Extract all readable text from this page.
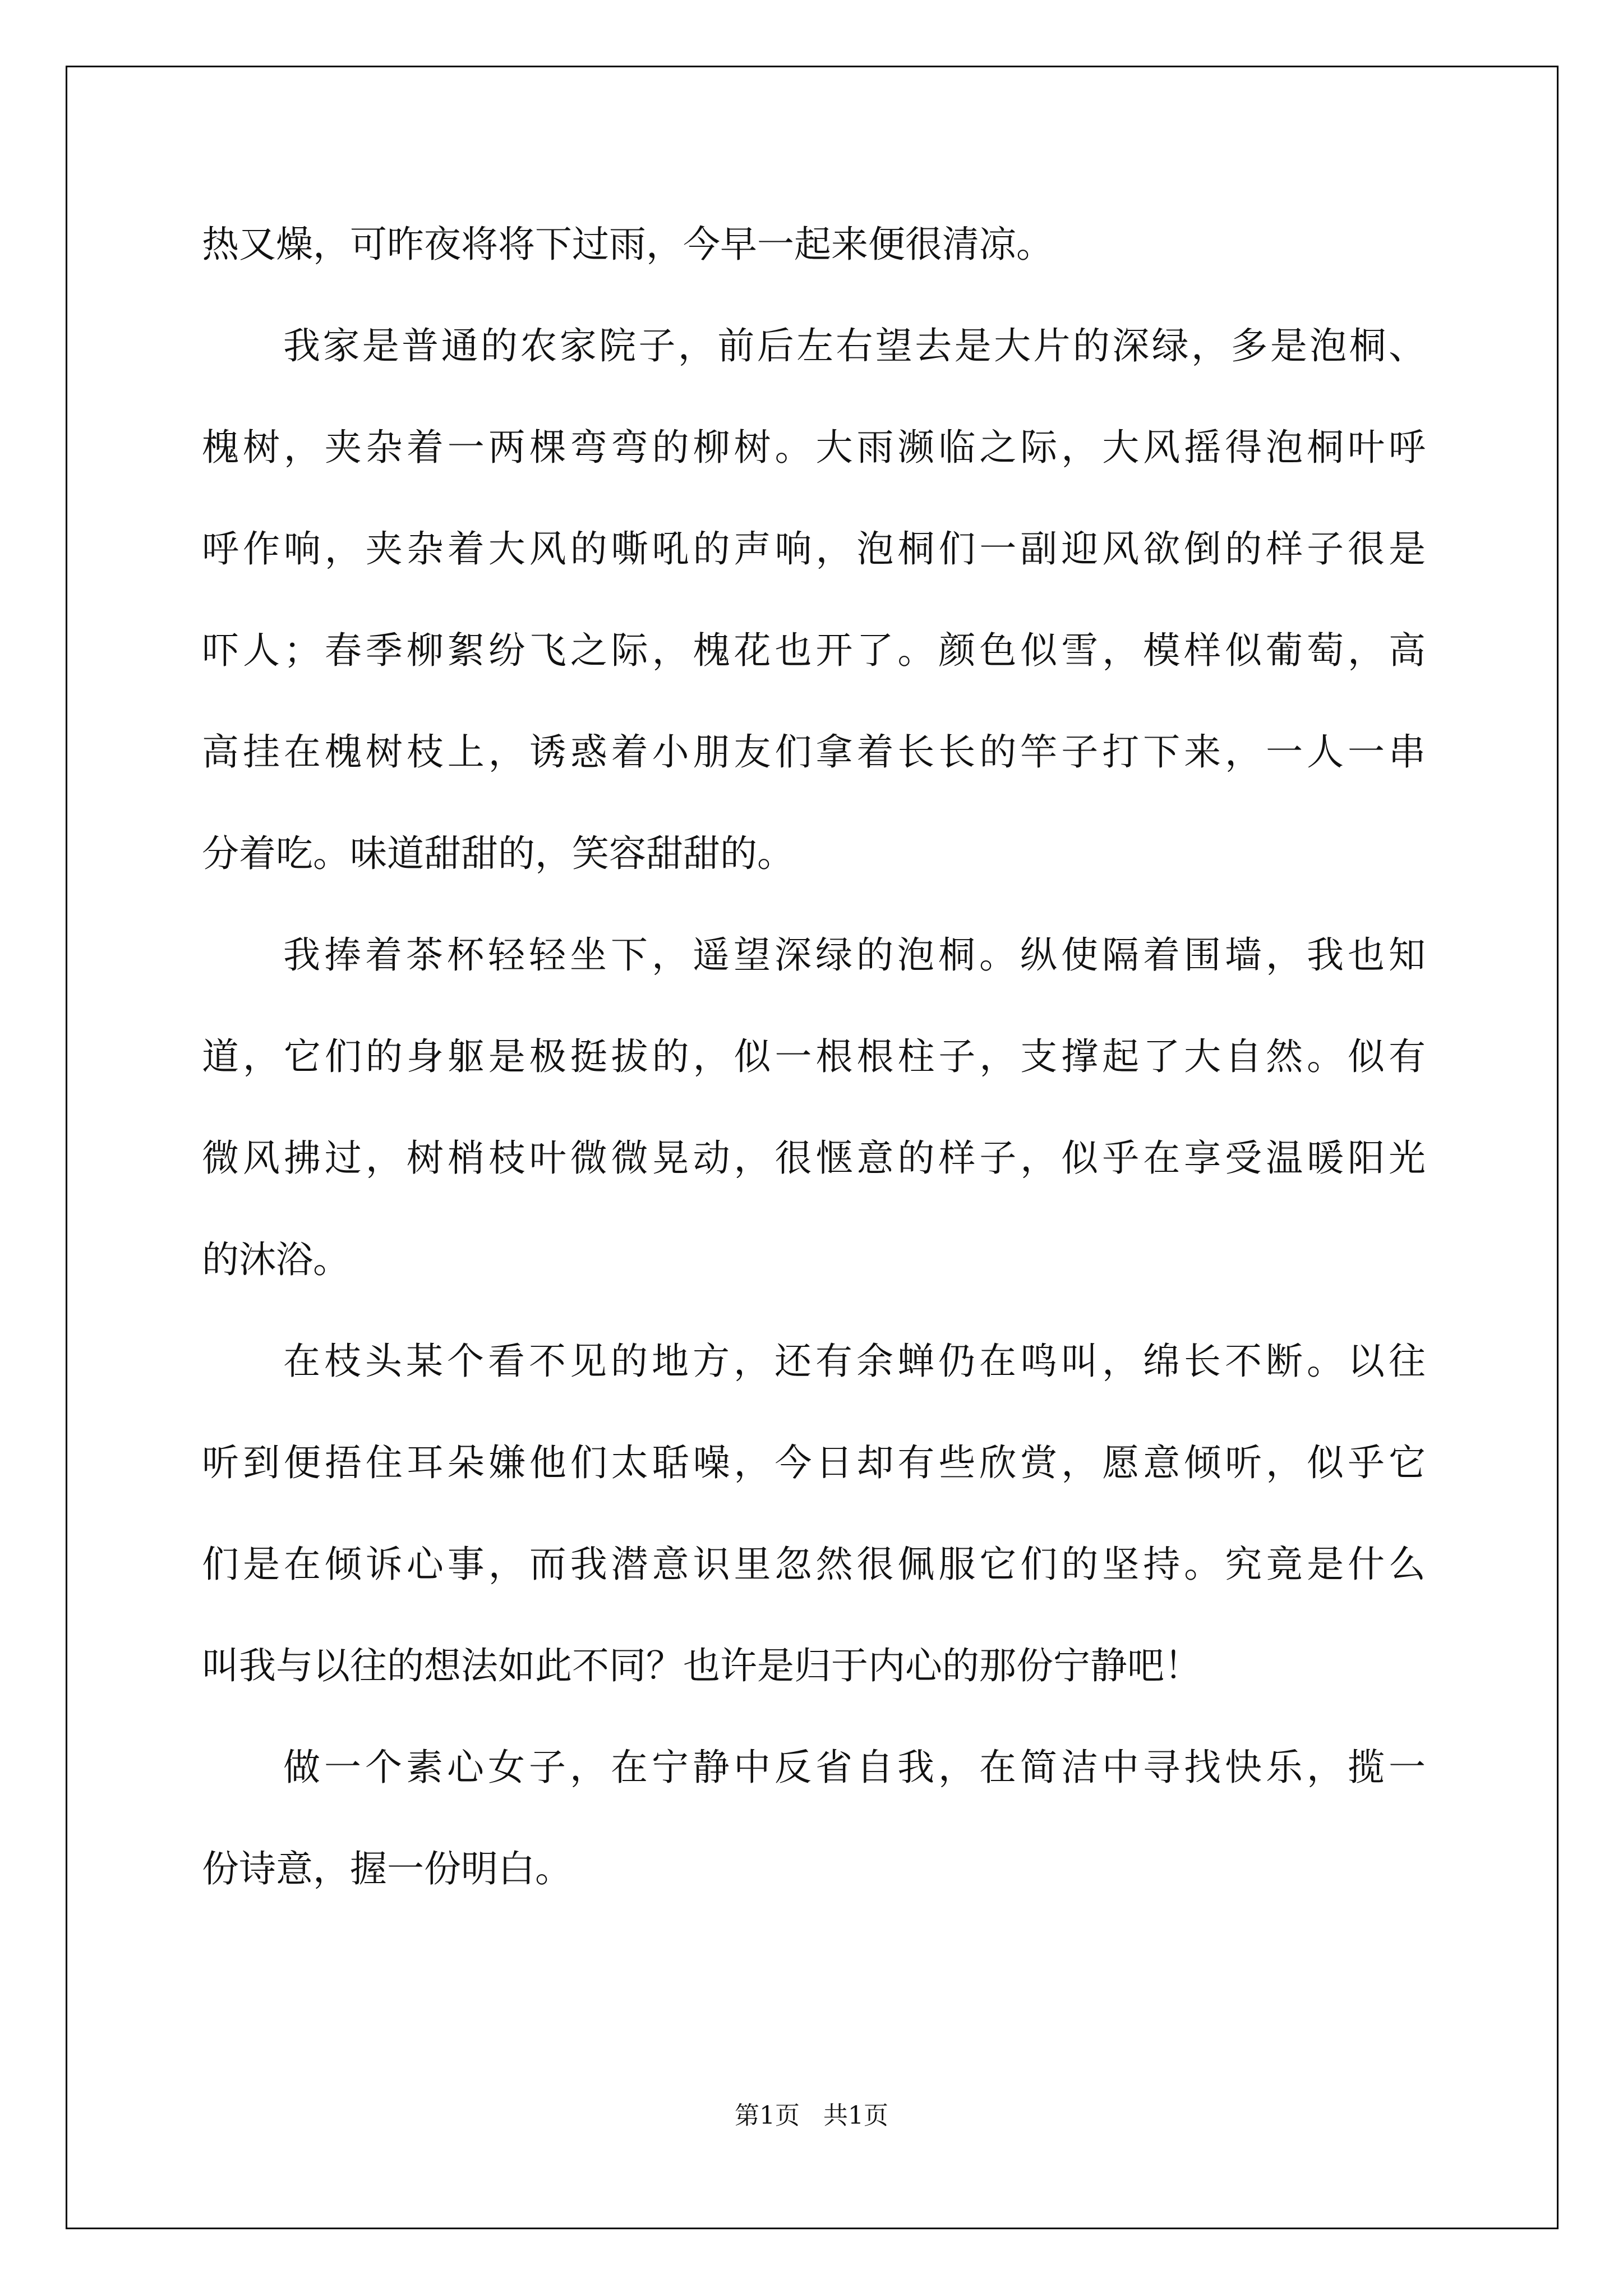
热又燥，可昨夜将将下过雨，今早一起来便很清凉。
我家是普通的农家院子，前后左右望去是大片的深绿，多是泡桐、
槐树，夹杂着一两棵弯弯的柳树。大雨濒临之际，大风摇得泡桐叶呼
呼作响，夹杂着大风的嘶吼的声响，泡桐们一副迎风欲倒的样子很是
吓人；春季柳絮纷飞之际，槐花也开了。颜色似雪，模样似葡萄，高
高挂在槐树枝上，诱惑着小朋友们拿着长长的竿子打下来，一人一串
分着吃。味道甜甜的，笑容甜甜的。
我捧着茶杯轻轻坐下，遥望深绿的泡桐。纵使隔着围墙，我也知
道，它们的身躯是极挺拔的，似一根根柱子，支撑起了大自然。似有
微风拂过，树梢枝叶微微晃动，很惬意的样子，似乎在享受温暖阳光
的沐浴。
在枝头某个看不见的地方，还有余蝉仍在鸣叫，绵长不断。以往
听到便捂住耳朵嫌他们太聒噪，今日却有些欣赏，愿意倾听，似乎它
们是在倾诉心事，而我潜意识里忽然很佩服它们的坚持。究竟是什么
叫我与以往的想法如此不同？也许是归于内心的那份宁静吧！
做一个素心女子，在宁静中反省自我，在简洁中寻找快乐，揽一
份诗意，握一份明白。
第1页   共1页
